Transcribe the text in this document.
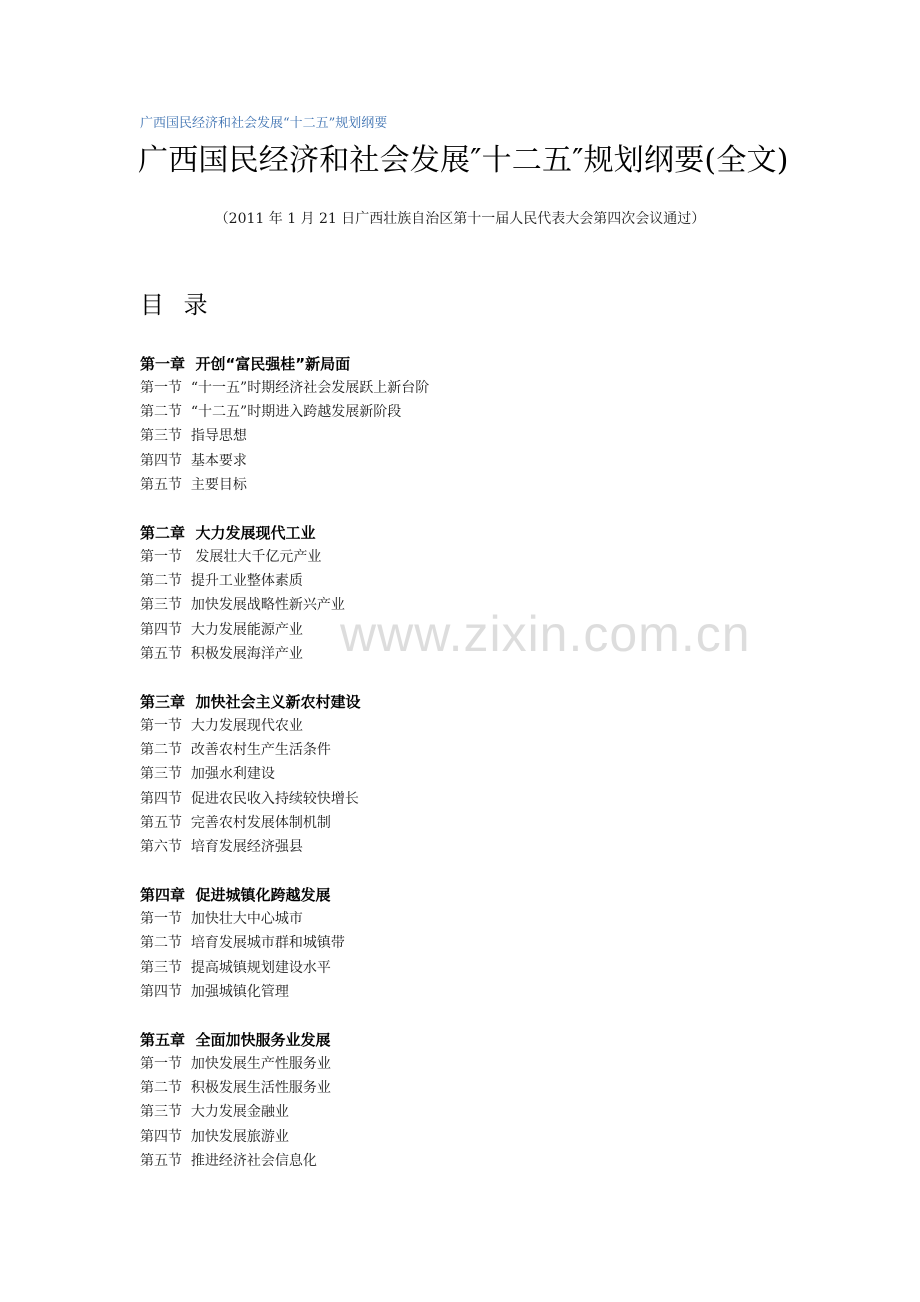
广西国民经济和社会发展“十二五”规划纲要
广西国民经济和社会发展″十二五″规划纲要(全文)
（2011 年 1 月 21 日广西壮族自治区第十一届人民代表大会第四次会议通过）
目 录
第一章  开创“富民强桂”新局面
第一节  “十一五”时期经济社会发展跃上新台阶
第二节  “十二五”时期进入跨越发展新阶段
第三节  指导思想
第四节  基本要求
第五节  主要目标
第二章  大力发展现代工业
第一节   发展壮大千亿元产业
第二节  提升工业整体素质
第三节  加快发展战略性新兴产业
第四节  大力发展能源产业
第五节  积极发展海洋产业
第三章  加快社会主义新农村建设
第一节  大力发展现代农业
第二节  改善农村生产生活条件
第三节  加强水利建设
第四节  促进农民收入持续较快增长
第五节  完善农村发展体制机制
第六节  培育发展经济强县
第四章  促进城镇化跨越发展
第一节  加快壮大中心城市
第二节  培育发展城市群和城镇带
第三节  提高城镇规划建设水平
第四节  加强城镇化管理
第五章  全面加快服务业发展
第一节  加快发展生产性服务业
第二节  积极发展生活性服务业
第三节  大力发展金融业
第四节  加快发展旅游业
第五节  推进经济社会信息化
www.zixin.com.cn
